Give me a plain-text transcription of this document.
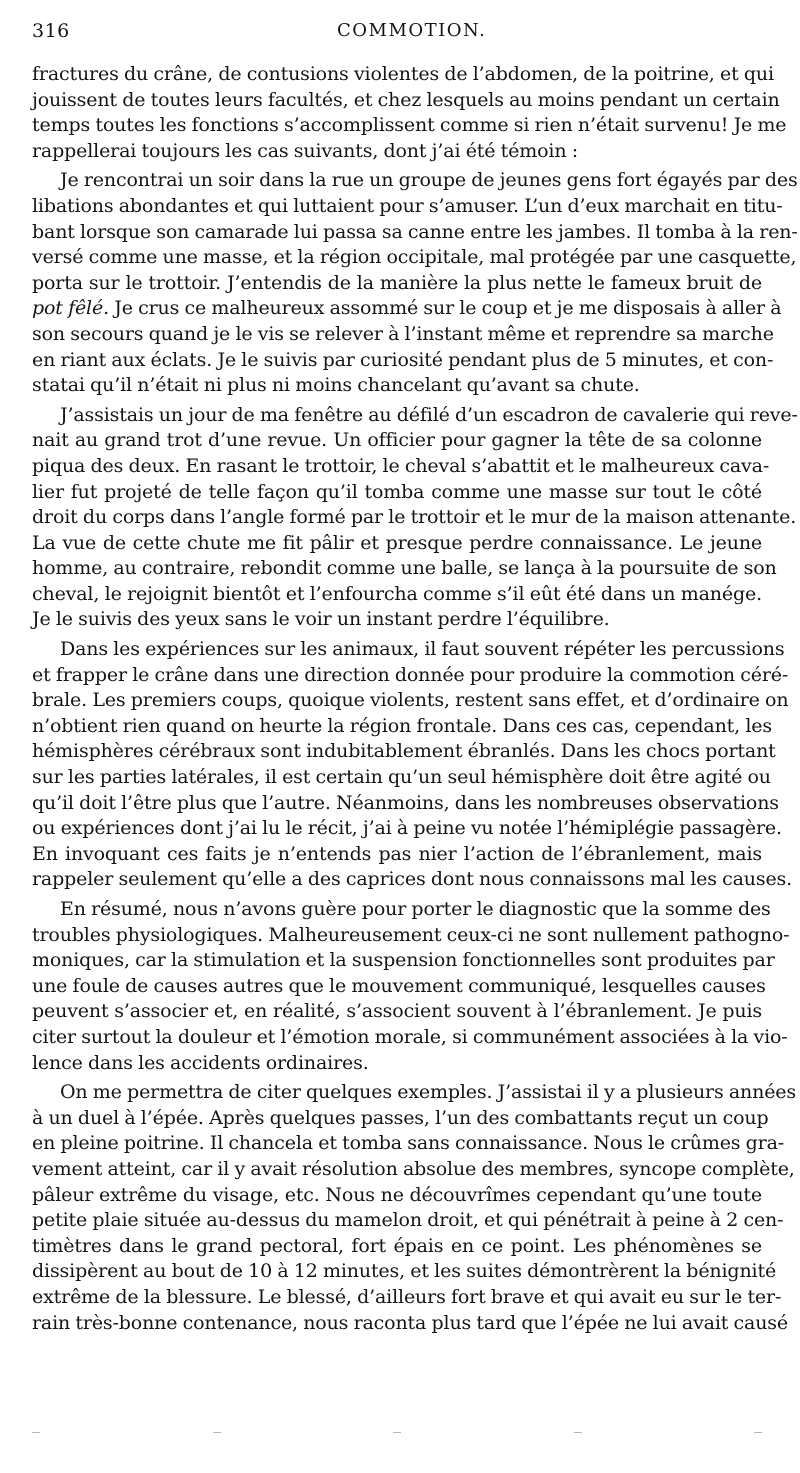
316	COMMOTION.
fractures du crâne, de contusions violentes de l’abdomen, de la poitrine, et qui
jouissent de toutes leurs facultés, et chez lesquels au moins pendant un certain
temps toutes les fonctions s’accomplissent comme si rien n’était survenu! Je me
rappellerai toujours les cas suivants, dont j’ai été témoin :
Je rencontrai un soir dans la rue un groupe de jeunes gens fort égayés par des
libations abondantes et qui luttaient pour s’amuser. L’un d’eux marchait en titu-
bant lorsque son camarade lui passa sa canne entre les jambes. Il tomba à la ren-
versé comme une masse, et la région occipitale, mal protégée par une casquette,
porta sur le trottoir. J’entendis de la manière la plus nette le fameux bruit de
pot fêlé. Je crus ce malheureux assommé sur le coup et je me disposais à aller à
son secours quand je le vis se relever à l’instant même et reprendre sa marche
en riant aux éclats. Je le suivis par curiosité pendant plus de 5 minutes, et con-
statai qu’il n’était ni plus ni moins chancelant qu’avant sa chute.
J’assistais un jour de ma fenêtre au défilé d’un escadron de cavalerie qui reve-
nait au grand trot d’une revue. Un officier pour gagner la tête de sa colonne
piqua des deux. En rasant le trottoir, le cheval s’abattit et le malheureux cava-
lier fut projeté de telle façon qu’il tomba comme une masse sur tout le côté
droit du corps dans l’angle formé par le trottoir et le mur de la maison attenante.
La vue de cette chute me fit pâlir et presque perdre connaissance. Le jeune
homme, au contraire, rebondit comme une balle, se lança à la poursuite de son
cheval, le rejoignit bientôt et l’enfourcha comme s’il eût été dans un manége.
Je le suivis des yeux sans le voir un instant perdre l’équilibre.
Dans les expériences sur les animaux, il faut souvent répéter les percussions
et frapper le crâne dans une direction donnée pour produire la commotion céré-
brale. Les premiers coups, quoique violents, restent sans effet, et d’ordinaire on
n’obtient rien quand on heurte la région frontale. Dans ces cas, cependant, les
hémisphères cérébraux sont indubitablement ébranlés. Dans les chocs portant
sur les parties latérales, il est certain qu’un seul hémisphère doit être agité ou
qu’il doit l’être plus que l’autre. Néanmoins, dans les nombreuses observations
ou expériences dont j’ai lu le récit, j’ai à peine vu notée l’hémiplégie passagère.
En invoquant ces faits je n’entends pas nier l’action de l’ébranlement, mais
rappeler seulement qu’elle a des caprices dont nous connaissons mal les causes.
En résumé, nous n’avons guère pour porter le diagnostic que la somme des
troubles physiologiques. Malheureusement ceux-ci ne sont nullement pathogno-
moniques, car la stimulation et la suspension fonctionnelles sont produites par
une foule de causes autres que le mouvement communiqué, lesquelles causes
peuvent s’associer et, en réalité, s’associent souvent à l’ébranlement. Je puis
citer surtout la douleur et l’émotion morale, si communément associées à la vio-
lence dans les accidents ordinaires.
On me permettra de citer quelques exemples. J’assistai il y a plusieurs années
à un duel à l’épée. Après quelques passes, l’un des combattants reçut un coup
en pleine poitrine. Il chancela et tomba sans connaissance. Nous le crûmes gra-
vement atteint, car il y avait résolution absolue des membres, syncope complète,
pâleur extrême du visage, etc. Nous ne découvrîmes cependant qu’une toute
petite plaie située au-dessus du mamelon droit, et qui pénétrait à peine à 2 cen-
timètres dans le grand pectoral, fort épais en ce point. Les phénomènes se
dissipèrent au bout de 10 à 12 minutes, et les suites démontrèrent la bénignité
extrême de la blessure. Le blessé, d’ailleurs fort brave et qui avait eu sur le ter-
rain très-bonne contenance, nous raconta plus tard que l’épée ne lui avait causé
